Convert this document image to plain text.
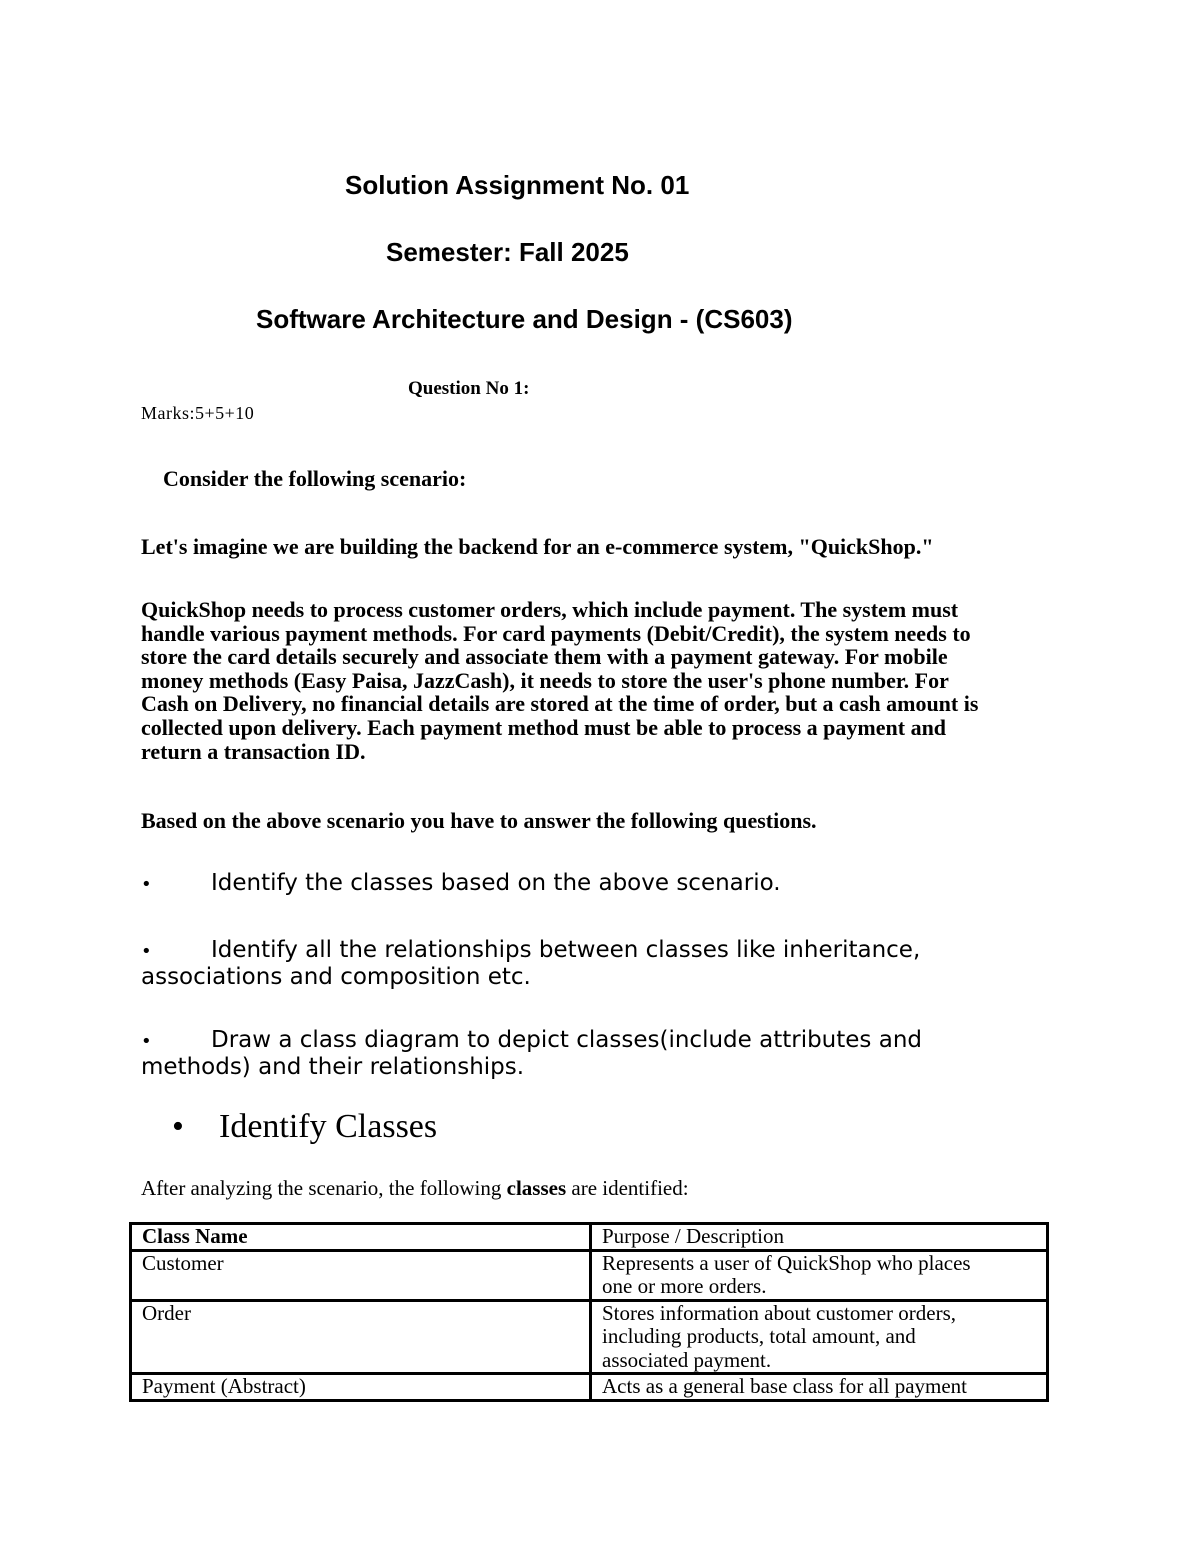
Solution Assignment No. 01
Semester: Fall 2025
Software Architecture and Design - (CS603)
Question No 1:
Marks:5+5+10
Consider the following scenario:
Let's imagine we are building the backend for an e-commerce system, "QuickShop."
QuickShop needs to process customer orders, which include payment. The system must
handle various payment methods. For card payments (Debit/Credit), the system needs to
store the card details securely and associate them with a payment gateway. For mobile
money methods (Easy Paisa, JazzCash), it needs to store the user's phone number. For
Cash on Delivery, no financial details are stored at the time of order, but a cash amount is
collected upon delivery. Each payment method must be able to process a payment and
return a transaction ID.
Based on the above scenario you have to answer the following questions.
•	Identify the classes based on the above scenario.
•	Identify all the relationships between classes like inheritance,
associations and composition etc.
•	Draw a class diagram to depict classes(include attributes and
methods) and their relationships.
• Identify Classes
After analyzing the scenario, the following classes are identified:
Class Name	Purpose / Description
Customer	Represents a user of QuickShop who places
one or more orders.

Order	Stores information about customer orders,
including products, total amount, and
associated payment.

Payment (Abstract)	Acts as a general base class for all payment
